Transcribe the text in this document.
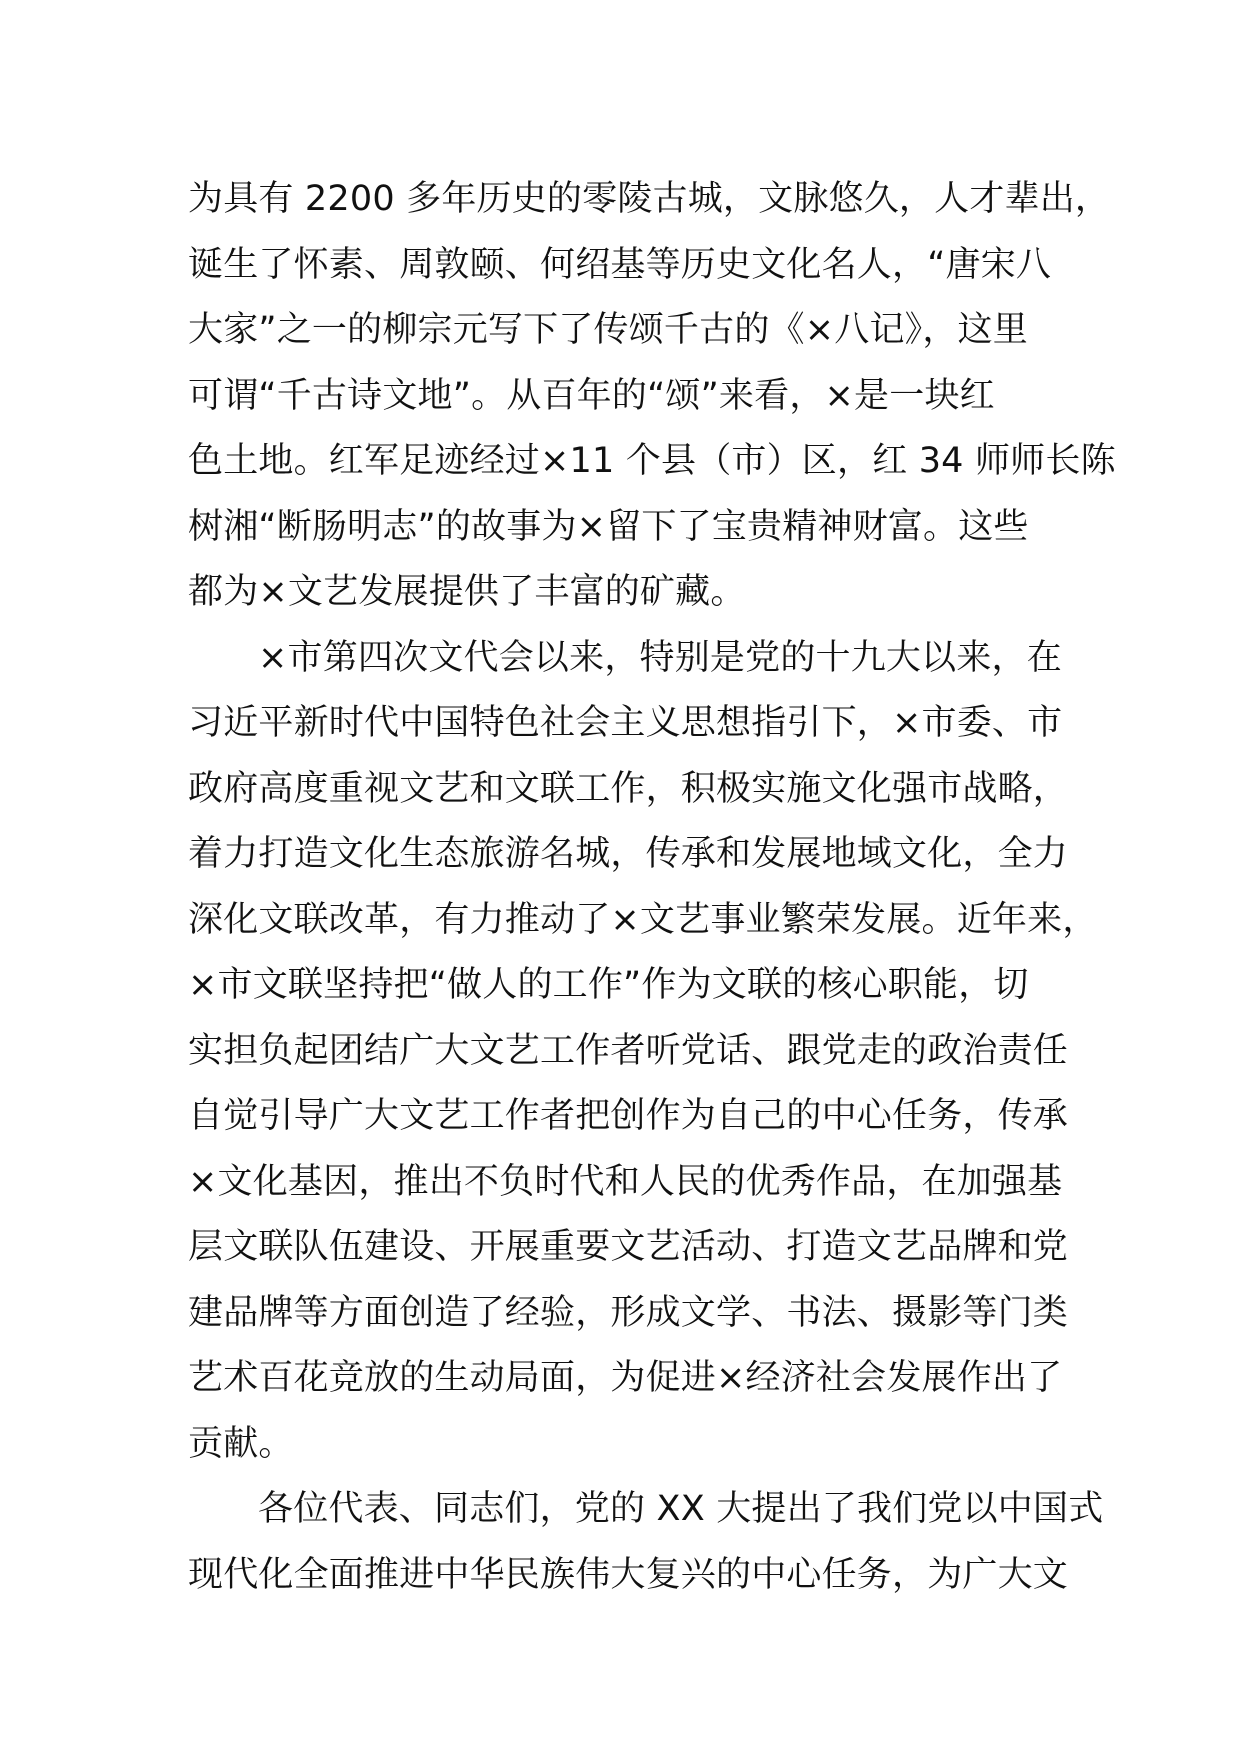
为具有 2200 多年历史的零陵古城，文脉悠久，人才辈出，
诞生了怀素、周敦颐、何绍基等历史文化名人，“唐宋八
大家”之一的柳宗元写下了传颂千古的《×八记》，这里
可谓“千古诗文地”。从百年的“颂”来看，×是一块红
色土地。红军足迹经过×11 个县（市）区，红 34 师师长陈
树湘“断肠明志”的故事为×留下了宝贵精神财富。这些
都为×文艺发展提供了丰富的矿藏。
×市第四次文代会以来，特别是党的十九大以来，在
习近平新时代中国特色社会主义思想指引下，×市委、市
政府高度重视文艺和文联工作，积极实施文化强市战略，
着力打造文化生态旅游名城，传承和发展地域文化，全力
深化文联改革，有力推动了×文艺事业繁荣发展。近年来，
×市文联坚持把“做人的工作”作为文联的核心职能，切
实担负起团结广大文艺工作者听党话、跟党走的政治责任
自觉引导广大文艺工作者把创作为自己的中心任务，传承
×文化基因，推出不负时代和人民的优秀作品，在加强基
层文联队伍建设、开展重要文艺活动、打造文艺品牌和党
建品牌等方面创造了经验，形成文学、书法、摄影等门类
艺术百花竞放的生动局面，为促进×经济社会发展作出了
贡献。
各位代表、同志们，党的 XX 大提出了我们党以中国式
现代化全面推进中华民族伟大复兴的中心任务，为广大文
